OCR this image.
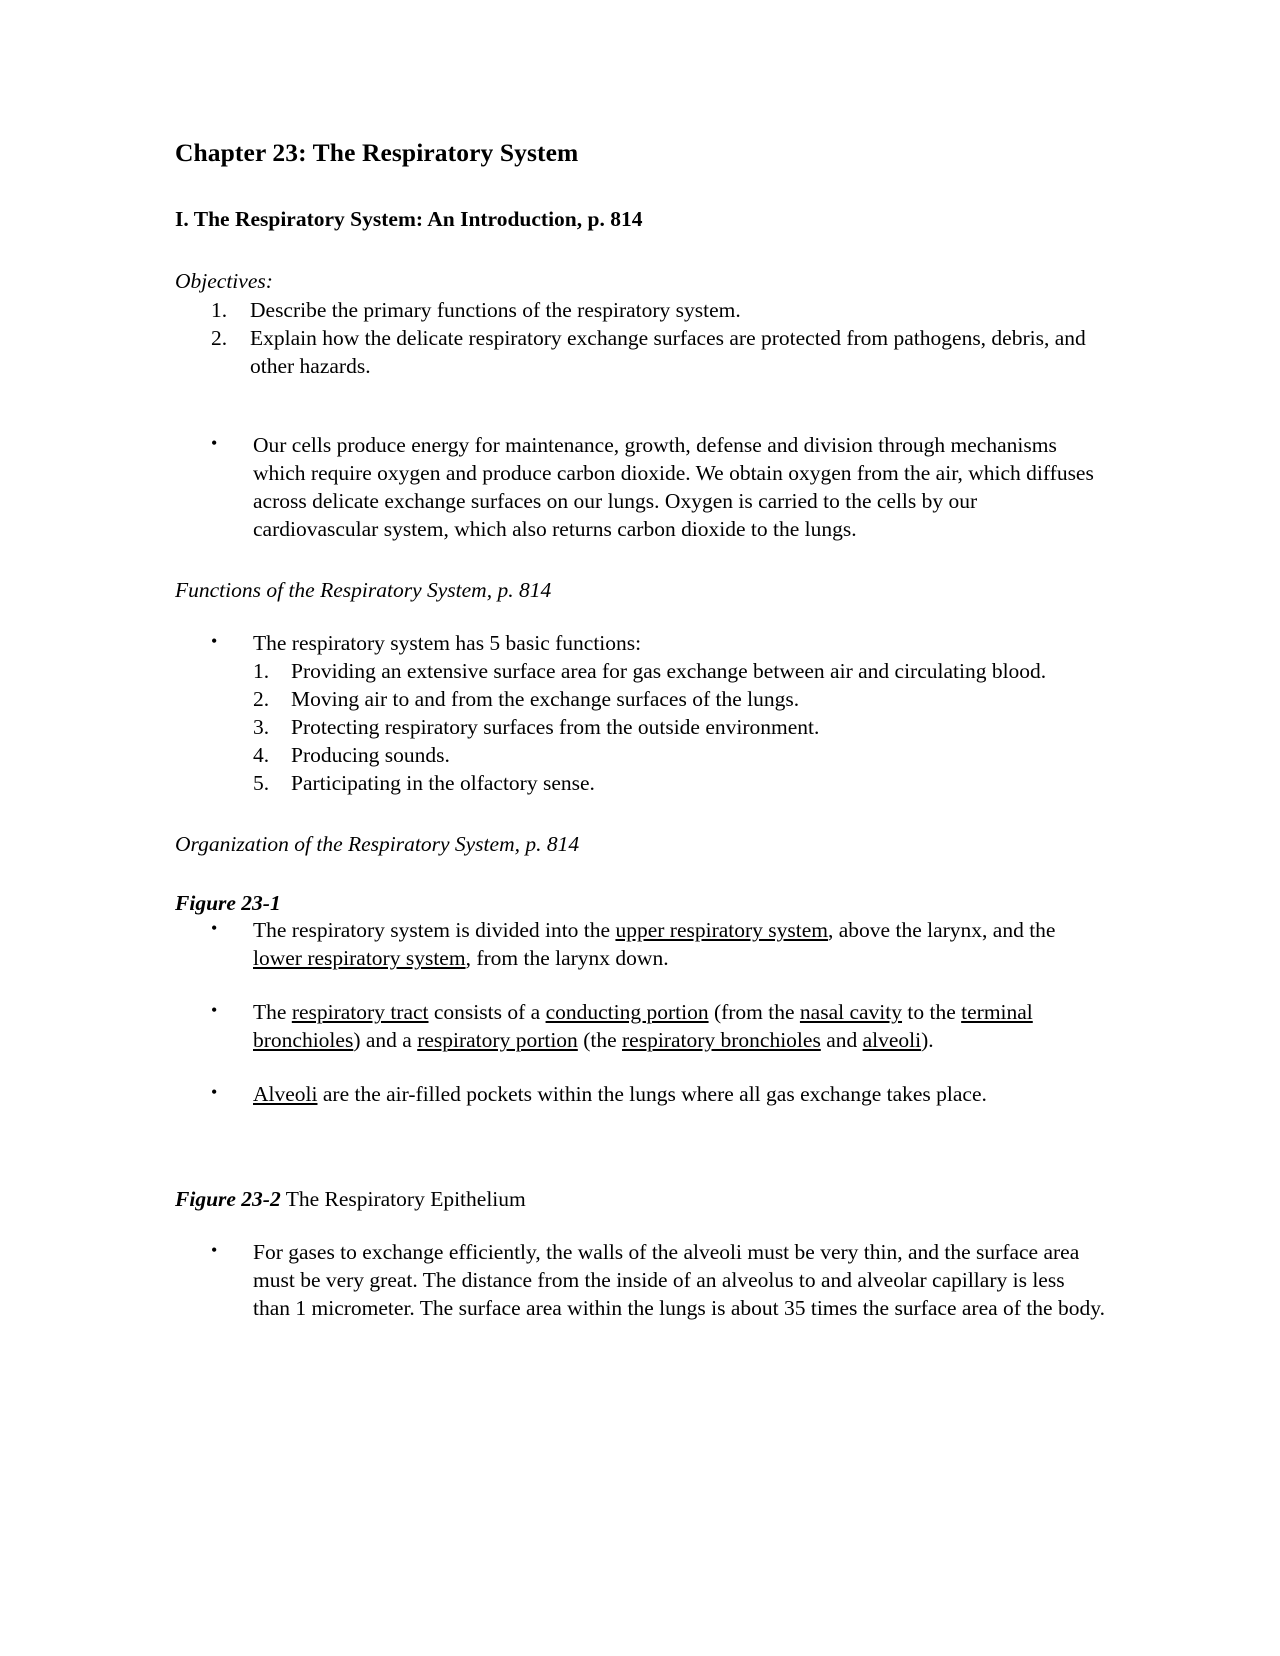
Chapter 23: The Respiratory System
I. The Respiratory System: An Introduction, p. 814
Objectives:
1.	Describe the primary functions of the respiratory system.
2.	Explain how the delicate respiratory exchange surfaces are protected from pathogens, debris, and other hazards.
• Our cells produce energy for maintenance, growth, defense and division through mechanisms which require oxygen and produce carbon dioxide. We obtain oxygen from the air, which diffuses across delicate exchange surfaces on our lungs. Oxygen is carried to the cells by our cardiovascular system, which also returns carbon dioxide to the lungs.
Functions of the Respiratory System, p. 814
• The respiratory system has 5 basic functions:
1.	Providing an extensive surface area for gas exchange between air and circulating blood.
2.	Moving air to and from the exchange surfaces of the lungs.
3.	Protecting respiratory surfaces from the outside environment.
4.	Producing sounds.
5.	Participating in the olfactory sense.
Organization of the Respiratory System, p. 814
Figure 23-1
• The respiratory system is divided into the upper respiratory system, above the larynx, and the lower respiratory system, from the larynx down.
• The respiratory tract consists of a conducting portion (from the nasal cavity to the terminal bronchioles) and a respiratory portion (the respiratory bronchioles and alveoli).
• Alveoli are the air-filled pockets within the lungs where all gas exchange takes place.
Figure 23-2 The Respiratory Epithelium
• For gases to exchange efficiently, the walls of the alveoli must be very thin, and the surface area must be very great. The distance from the inside of an alveolus to and alveolar capillary is less than 1 micrometer. The surface area within the lungs is about 35 times the surface area of the body.
